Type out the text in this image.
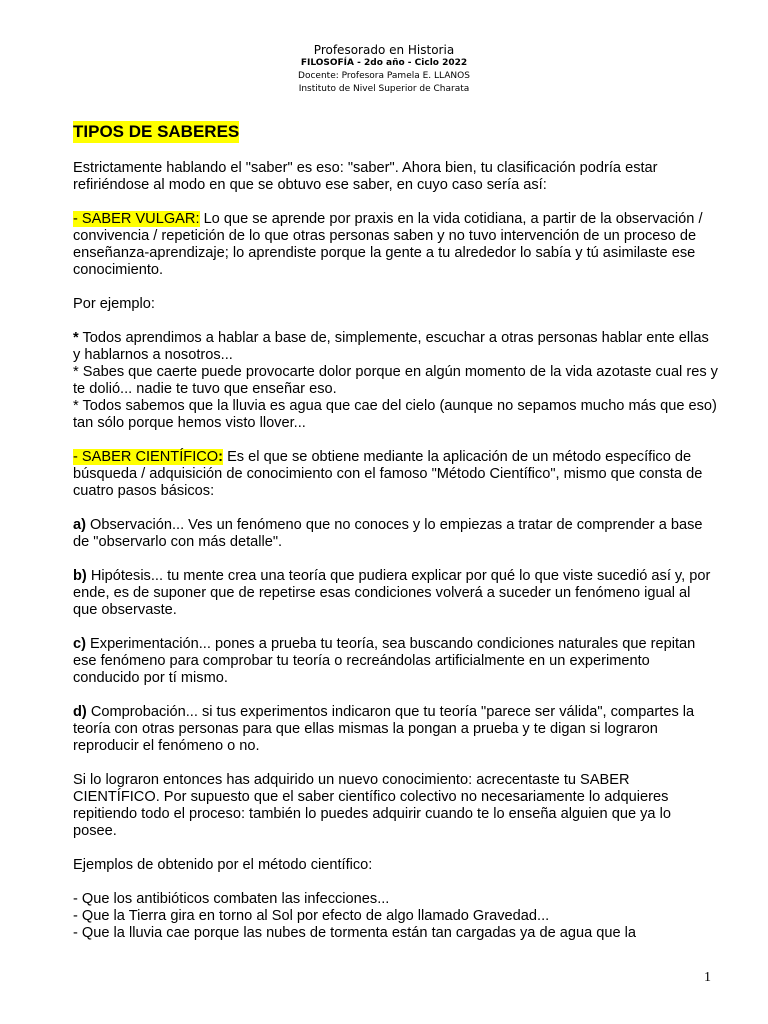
Profesorado en Historia
FILOSOFÍA - 2do año - Ciclo 2022
Docente: Profesora Pamela E. LLANOS
Instituto de Nivel Superior de Charata
TIPOS DE SABERES

Estrictamente hablando el "saber" es eso: "saber". Ahora bien, tu clasificación podría estar refiriéndose al modo en que se obtuvo ese saber, en cuyo caso sería así:

- SABER VULGAR: Lo que se aprende por praxis en la vida cotidiana, a partir de la observación / convivencia / repetición de lo que otras personas saben y no tuvo intervención de un proceso de enseñanza-aprendizaje; lo aprendiste porque la gente a tu alrededor lo sabía y tú asimilaste ese conocimiento.

Por ejemplo:

* Todos aprendimos a hablar a base de, simplemente, escuchar a otras personas hablar ente ellas y hablarnos a nosotros...
* Sabes que caerte puede provocarte dolor porque en algún momento de la vida azotaste cual res y te dolió... nadie te tuvo que enseñar eso.
* Todos sabemos que la lluvia es agua que cae del cielo (aunque no sepamos mucho más que eso) tan sólo porque hemos visto llover...

- SABER CIENTÍFICO: Es el que se obtiene mediante la aplicación de un método específico de búsqueda / adquisición de conocimiento con el famoso "Método Científico", mismo que consta de cuatro pasos básicos:

a) Observación... Ves un fenómeno que no conoces y lo empiezas a tratar de comprender a base de "observarlo con más detalle".

b) Hipótesis... tu mente crea una teoría que pudiera explicar por qué lo que viste sucedió así y, por ende, es de suponer que de repetirse esas condiciones volverá a suceder un fenómeno igual al que observaste.

c) Experimentación... pones a prueba tu teoría, sea buscando condiciones naturales que repitan ese fenómeno para comprobar tu teoría o recreándolas artificialmente en un experimento conducido por tí mismo.

d) Comprobación... si tus experimentos indicaron que tu teoría "parece ser válida", compartes la teoría con otras personas para que ellas mismas la pongan a prueba y te digan si lograron reproducir el fenómeno o no.

Si lo lograron entonces has adquirido un nuevo conocimiento: acrecentaste tu SABER CIENTÍFICO. Por supuesto que el saber científico colectivo no necesariamente lo adquieres repitiendo todo el proceso: también lo puedes adquirir cuando te lo enseña alguien que ya lo posee.

Ejemplos de obtenido por el método científico:

- Que los antibióticos combaten las infecciones...
- Que la Tierra gira en torno al Sol por efecto de algo llamado Gravedad...
- Que la lluvia cae porque las nubes de tormenta están tan cargadas ya de agua que la
1
